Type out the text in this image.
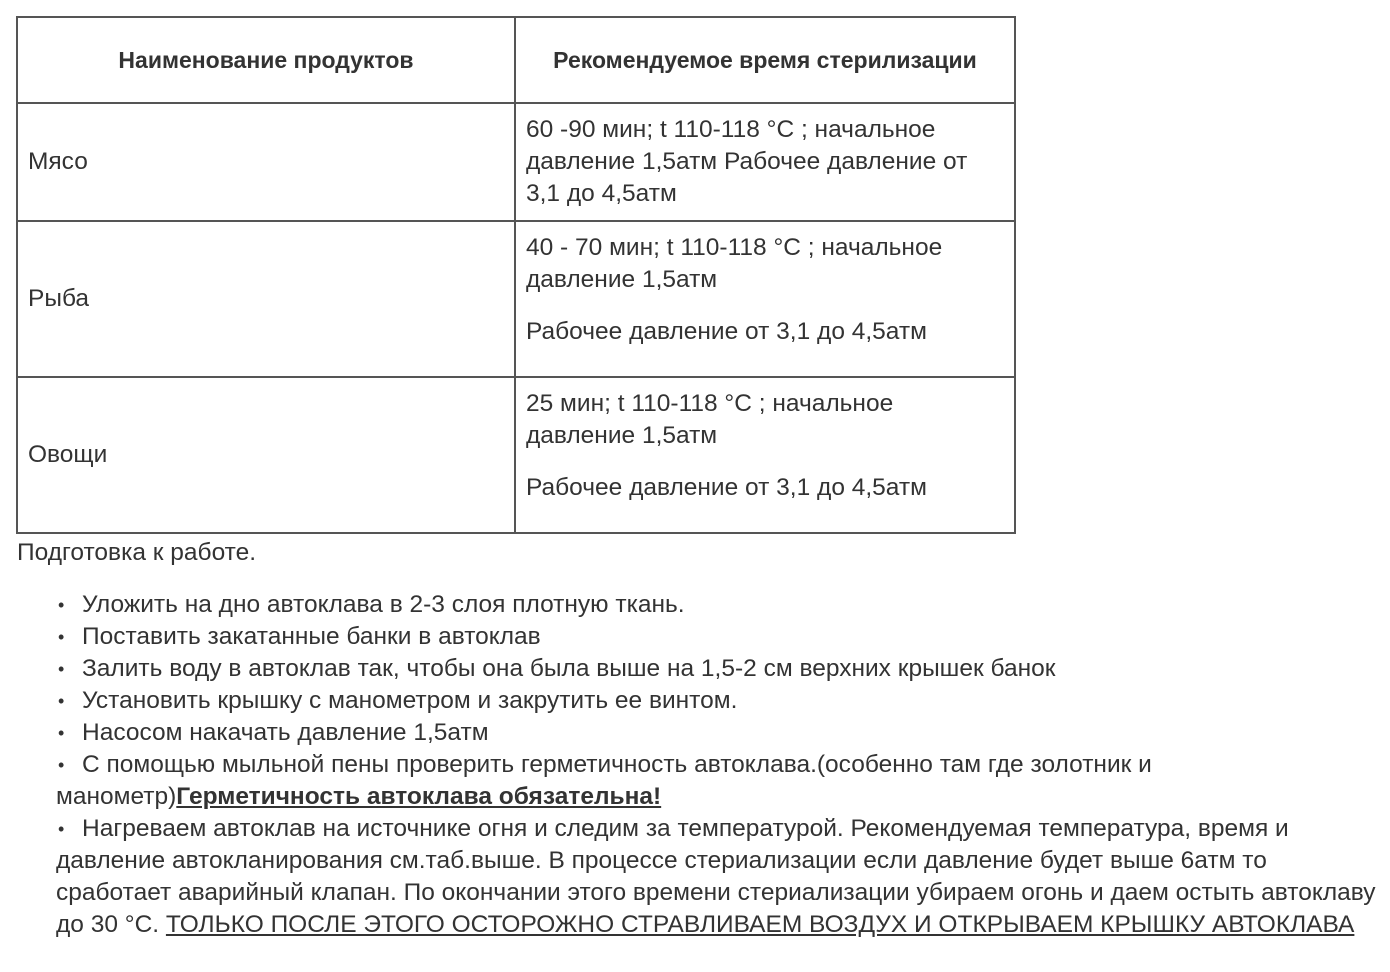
Наименование продуктов	Рекомендуемое время стерилизации
Мясо	60 -90 мин; t 110-118 °C ; начальное давление 1,5атм Рабочее давление от 3,1 до 4,5атм

Рыба	40 - 70 мин; t 110-118 °C ; начальное давление 1,5атм

Рабочее давление от 3,1 до 4,5атм

Овощи	25 мин; t 110-118 °C ; начальное давление 1,5атм

Рабочее давление от 3,1 до 4,5атм

Подготовка к работе.

• Уложить на дно автоклава в 2-3 слоя плотную ткань.
• Поставить закатанные банки в автоклав
• Залить воду в автоклав так, чтобы она была выше на 1,5-2 см верхних крышек банок
• Установить крышку с манометром и закрутить ее винтом.
• Насосом накачать давление 1,5атм
• С помощью мыльной пены проверить герметичность автоклава.(особенно там где золотник и манометр)Герметичность автоклава обязательна!
• Нагреваем автоклав на источнике огня и следим за температурой. Рекомендуемая температура, время и давление автокланирования см.таб.выше. В процессе стериализации если давление будет выше 6атм то сработает аварийный клапан. По окончании этого времени стериализации убираем огонь и даем остыть автоклаву до 30 °C. ТОЛЬКО ПОСЛЕ ЭТОГО ОСТОРОЖНО СТРАВЛИВАЕМ ВОЗДУХ И ОТКРЫВАЕМ КРЫШКУ АВТОКЛАВА
